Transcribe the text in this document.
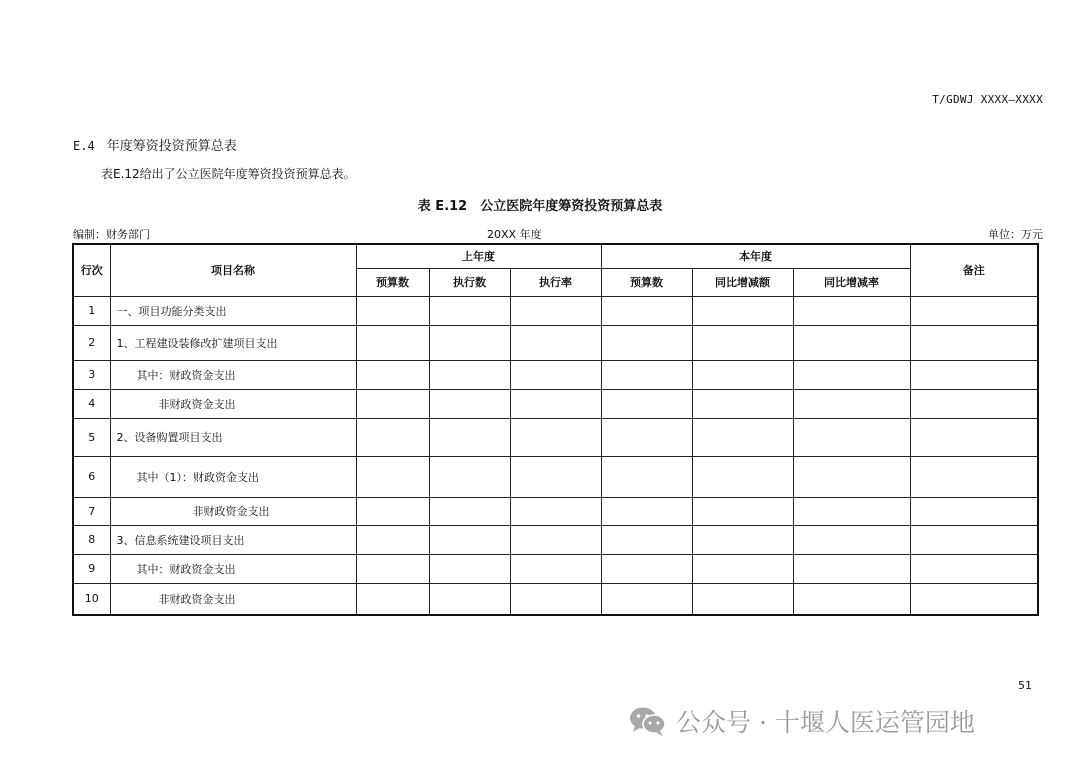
T/GDWJ XXXX—XXXX
E.4 年度筹资投资预算总表
表E.12给出了公立医院年度筹资投资预算总表。
表 E.12　公立医院年度筹资投资预算总表
编制：财务部门	20XX 年度	单位：万元
行次	项目名称	上年度			本年度			备注
		预算数	执行数	执行率	预算数	同比增减额	同比增减率	
1	一、项目功能分类支出							
2	1、工程建设装修改扩建项目支出							
3	其中：财政资金支出							
4	非财政资金支出							
5	2、设备购置项目支出							
6	其中（1）：财政资金支出							
7	非财政资金支出							
8	3、信息系统建设项目支出							
9	其中：财政资金支出							
10	非财政资金支出							
51
公众号 · 十堰人医运管园地
